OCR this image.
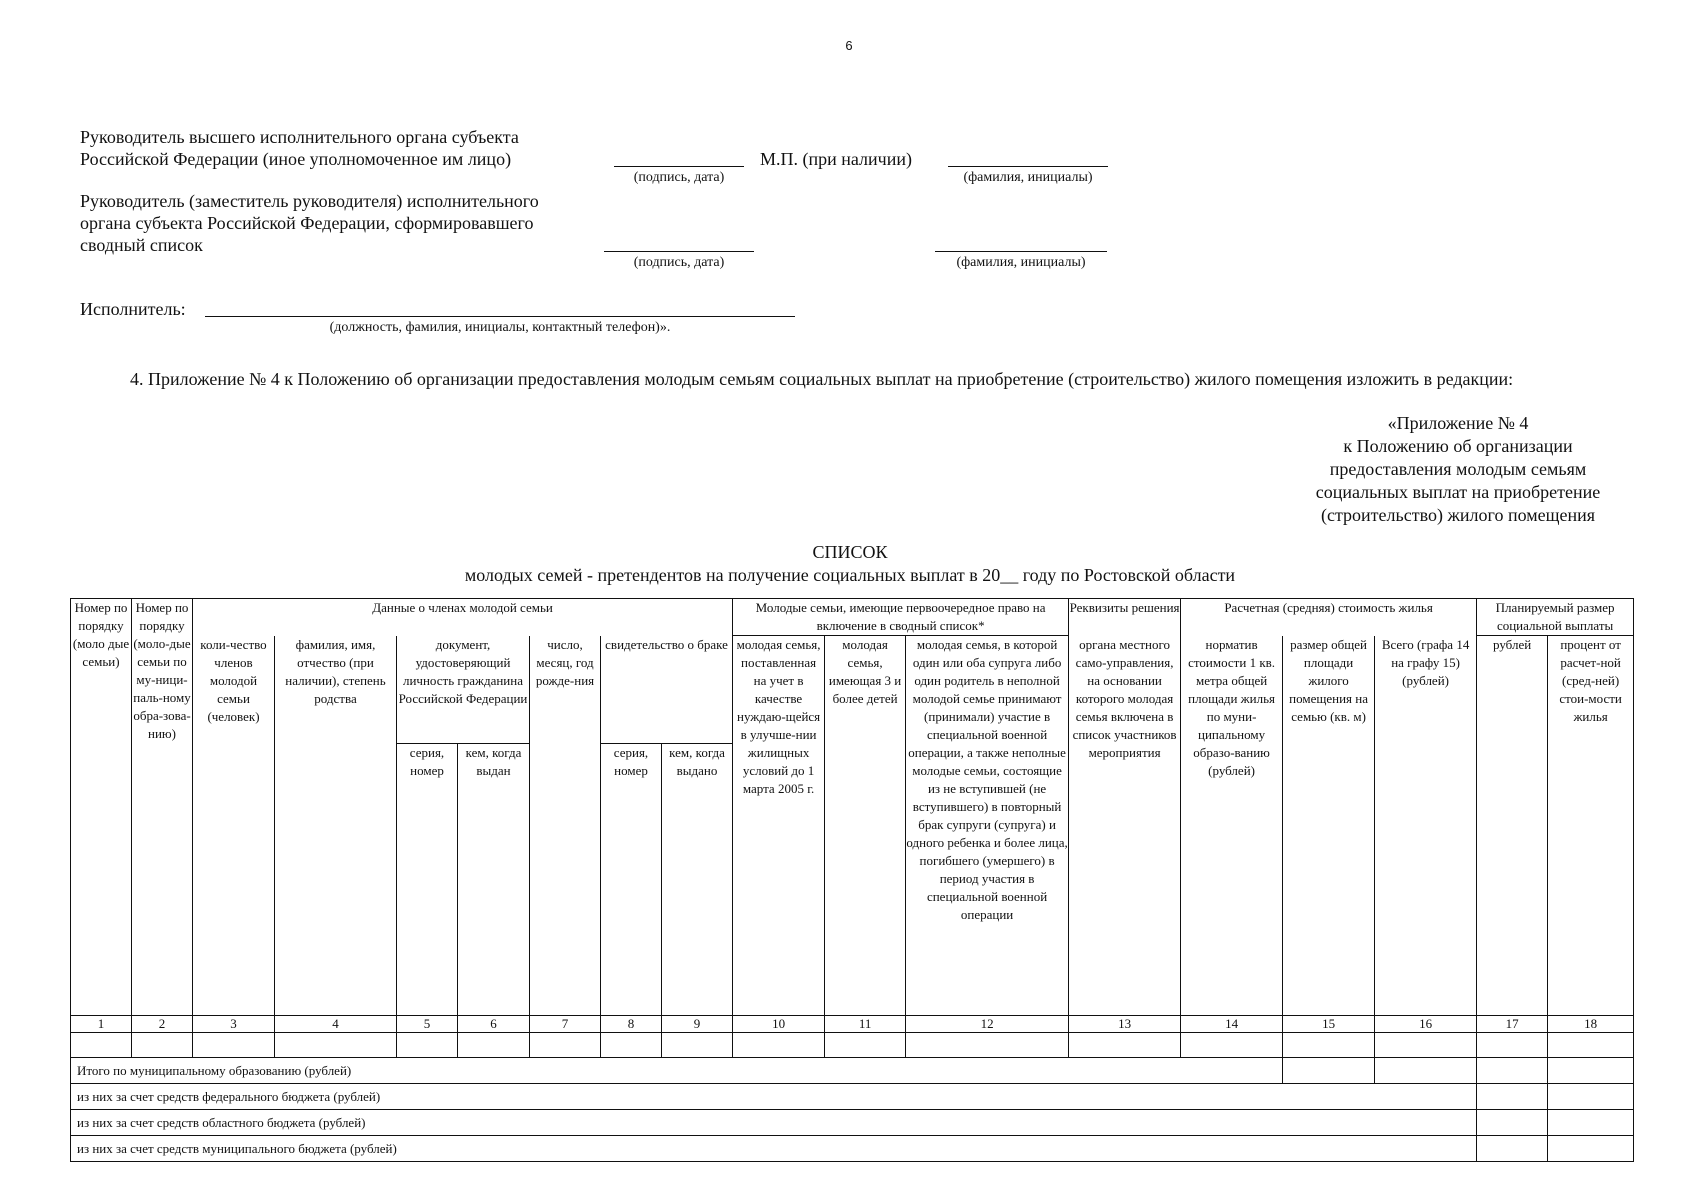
6
Руководитель высшего исполнительного органа субъекта
Российской Федерации (иное уполномоченное им лицо)
(подпись, дата)
М.П. (при наличии)
(фамилия, инициалы)
Руководитель (заместитель руководителя) исполнительного
органа субъекта Российской Федерации, сформировавшего
сводный список
(подпись, дата)	(фамилия, инициалы)
Исполнитель:
(должность, фамилия, инициалы, контактный телефон)».
4. Приложение № 4 к Положению об организации предоставления молодым семьям социальных выплат на приобретение (строительство) жилого помещения изложить в редакции:
«Приложение № 4
к Положению об организации
предоставления молодым семьям
социальных выплат на приобретение
(строительство) жилого помещения
СПИСОК
молодых семей - претендентов на получение социальных выплат в 20__ году по Ростовской области
Номер по порядку (моло дые семьи)	Номер по порядку (моло-дые семьи по му-ници-паль-ному обра-зова-нию)	Данные о членах молодой семьи							Молодые семьи, имеющие первоочередное право на включение в сводный список*			Реквизиты решения	Расчетная (средняя) стоимость жилья			Планируемый размер социальной выплаты	
		коли-чество членов молодой семьи (человек)	фамилия, имя, отчество (при наличии), степень родства	документ, удостоверяющий личность гражданина Российской Федерации		число, месяц, год рожде-ния	свидетельство о браке		молодая семья, поставленная на учет в качестве нуждаю-щейся в улучше-нии жилищных условий до 1 марта 2005 г.	молодая семья, имеющая 3 и более детей	молодая семья, в которой один или оба супруга либо один родитель в неполной молодой семье принимают (принимали) участие в специальной военной операции, а также неполные молодые семьи, состоящие из не вступившей (не вступившего) в повторный брак супруги (супруга) и одного ребенка и более лица, погибшего (умершего) в период участия в специальной военной операции	органа местного само-управления, на основании которого молодая семья включена в список участников мероприятия	норматив стоимости 1 кв. метра общей площади жилья по муни-ципальному образо-ванию (рублей)	размер общей площади жилого помещения на семью (кв. м)	Всего (графа 14 на графу 15) (рублей)	рублей	процент от расчет-ной (сред-ней) стои-мости жилья
				серия, номер	кем, когда выдан		серия, номер	кем, когда выдано									
1	2	3	4	5	6	7	8	9	10	11	12	13	14	15	16	17	18

Итого по муниципальному образованию (рублей)																	
из них за счет средств федерального бюджета (рублей)																	
из них за счет средств областного бюджета (рублей)																	
из них за счет средств муниципального бюджета (рублей)																	
